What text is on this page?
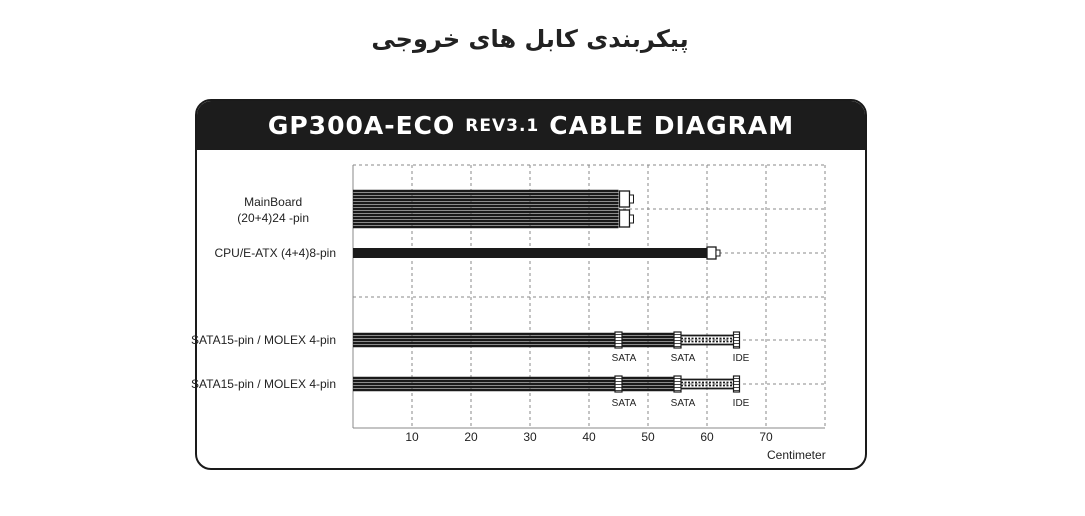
پیکربندی کابل های خروجی
GP300A-ECO REV3.1 CABLE DIAGRAM
MainBoard
(20+4)24 -pin
CPU/E-ATX (4+4)8-pin
SATA15-pin / MOLEX 4-pin
SATA15-pin / MOLEX 4-pin
SATA	SATA	IDE
SATA	SATA	IDE
10	20	30	40	50	60	70
Centimeter
